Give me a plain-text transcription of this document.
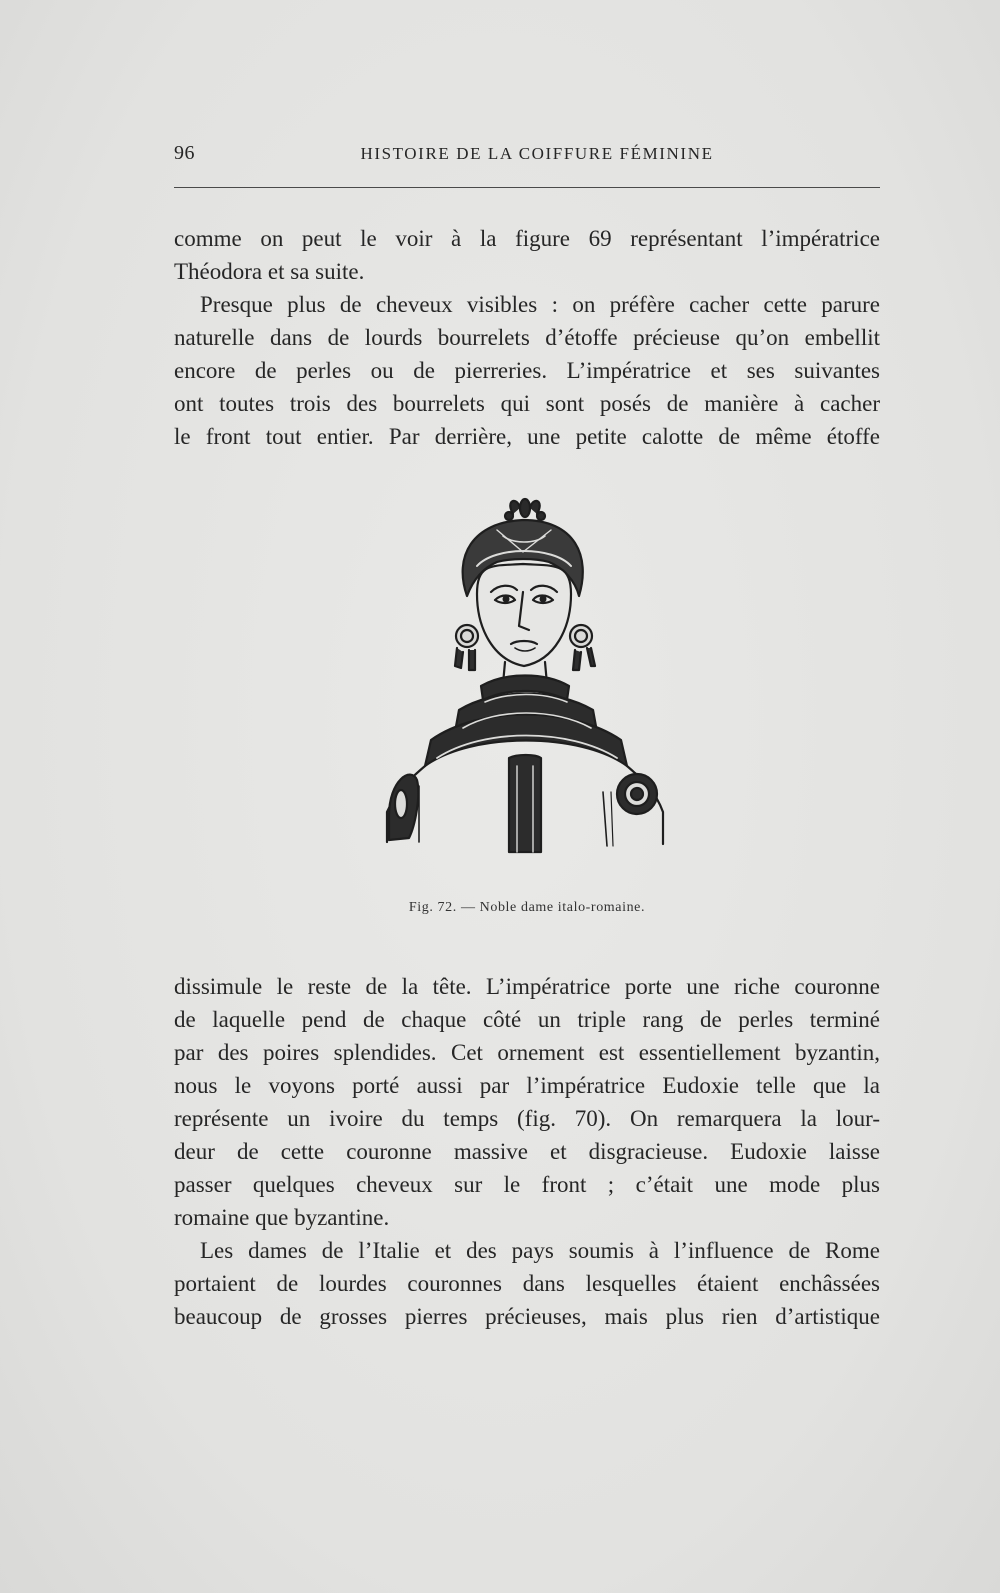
96	HISTOIRE DE LA COIFFURE FÉMININE

comme on peut le voir à la figure 69 représentant l’impératrice

Théodora et sa suite.

Presque plus de cheveux visibles : on préfère cacher cette parure

naturelle dans de lourds bourrelets d’étoffe précieuse qu’on embellit

encore de perles ou de pierreries. L’impératrice et ses suivantes

ont toutes trois des bourrelets qui sont posés de manière à cacher

le front tout entier. Par derrière, une petite calotte de même étoffe

Fig. 72. — Noble dame italo-romaine.

dissimule le reste de la tête. L’impératrice porte une riche couronne

de laquelle pend de chaque côté un triple rang de perles terminé

par des poires splendides. Cet ornement est essentiellement byzantin,

nous le voyons porté aussi par l’impératrice Eudoxie telle que la

représente un ivoire du temps (fig. 70). On remarquera la lour-

deur de cette couronne massive et disgracieuse. Eudoxie laisse

passer quelques cheveux sur le front ; c’était une mode plus

romaine que byzantine.

Les dames de l’Italie et des pays soumis à l’influence de Rome

portaient de lourdes couronnes dans lesquelles étaient enchâssées

beaucoup de grosses pierres précieuses, mais plus rien d’artistique
